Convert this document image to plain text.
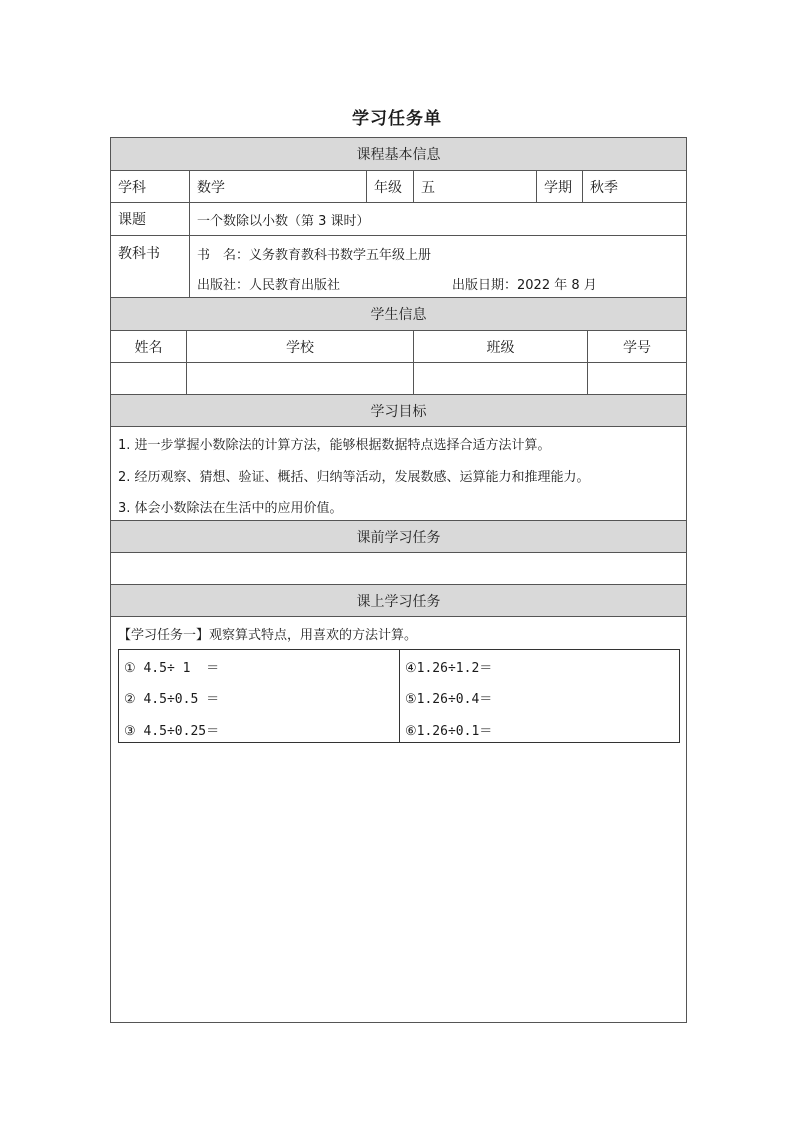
学习任务单
课程基本信息
学科	数学	年级	五	学期	秋季
课题	一个数除以小数（第 3 课时）
教科书	书　名：义务教育教科书数学五年级上册
出版社：人民教育出版社	出版日期：2022 年 8 月
学生信息
姓名	学校	班级	学号
学习目标
1. 进一步掌握小数除法的计算方法，能够根据数据特点选择合适方法计算。
2. 经历观察、猜想、验证、概括、归纳等活动，发展数感、运算能力和推理能力。
3. 体会小数除法在生活中的应用价值。
课前学习任务
课上学习任务
【学习任务一】观察算式特点，用喜欢的方法计算。
① 4.5÷ 1  ＝
② 4.5÷0.5 ＝
③ 4.5÷0.25＝
④1.26÷1.2＝
⑤1.26÷0.4＝
⑥1.26÷0.1＝
